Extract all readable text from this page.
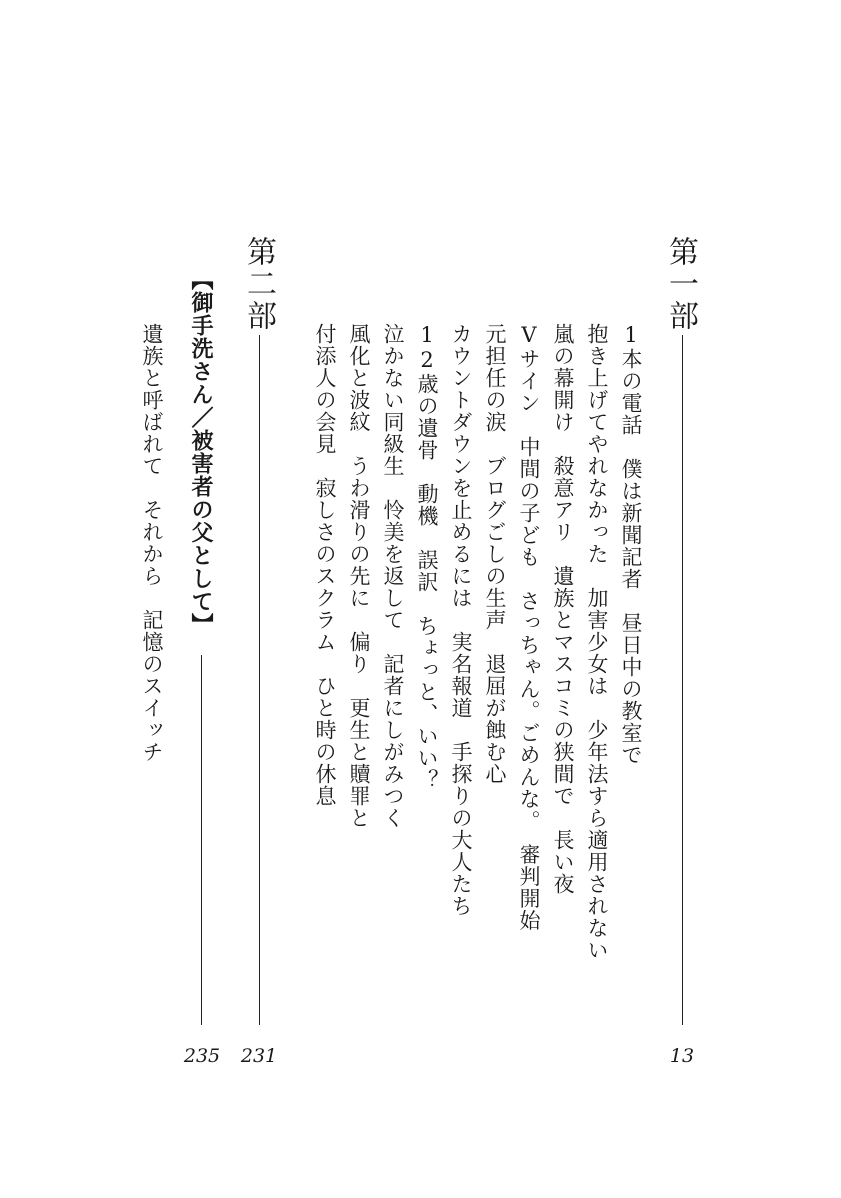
第一部
13
1本の電話　僕は新聞記者　昼日中の教室で
抱き上げてやれなかった　加害少女は　少年法すら適用されない
嵐の幕開け　殺意アリ　遺族とマスコミの狭間で　長い夜
Vサイン　中間の子ども　さっちゃん。ごめんな。　審判開始
元担任の涙　ブログごしの生声　退屈が蝕む心
カウントダウンを止めるには　実名報道　手探りの大人たち
12歳の遺骨　動機　誤訳　ちょっと、いい？
泣かない同級生　怜美を返して　記者にしがみつく
風化と波紋　うわ滑りの先に　偏り　更生と贖罪と
付添人の会見　寂しさのスクラム　ひと時の休息
第二部
231
【御手洗さん／被害者の父として】
235
遺族と呼ばれて　それから　記憶のスイッチ
